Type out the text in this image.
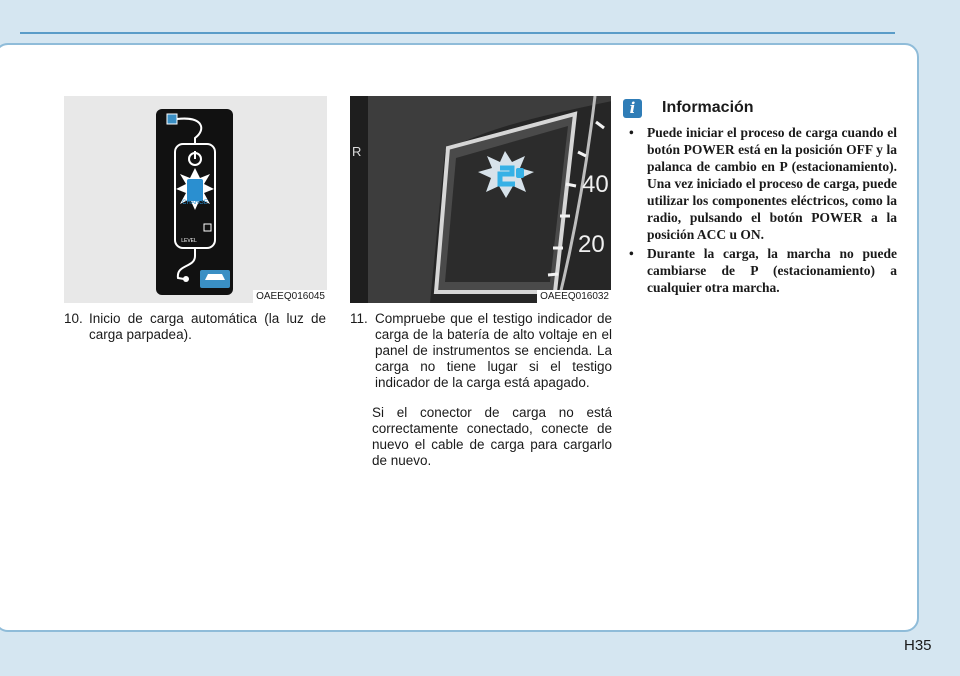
CHARGE
LEVEL
OAEEQ016045
R
40
20
OAEEQ016032
10. Inicio de carga automática (la luz de carga parpadea).
11. Compruebe que el testigo indicador de carga de la batería de alto voltaje en el panel de instrumentos se encienda. La carga no tiene lugar si el testigo indicador de la carga está apagado.

Si el conector de carga no está correctamente conectado, conecte de nuevo el cable de carga para cargarlo de nuevo.

i	Información
• Puede iniciar el proceso de carga cuando el botón POWER está en la posición OFF y la palanca de cambio en P (estacionamiento). Una vez iniciado el proceso de carga, puede utilizar los componentes eléctricos, como la radio, pulsando el botón POWER a la posición ACC u ON.
• Durante la carga, la marcha no puede cambiarse de P (estacionamiento) a cualquier otra marcha.
H35
